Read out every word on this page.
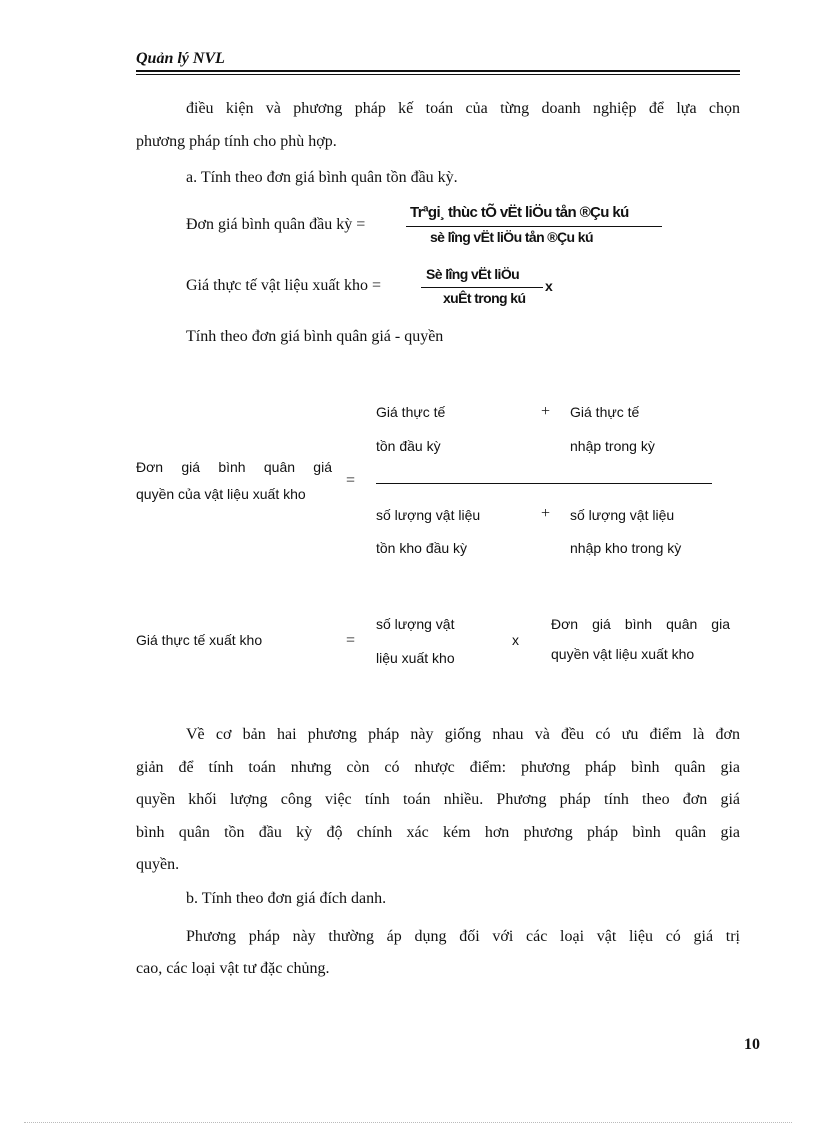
Quản lý NVL
điều kiện và phương pháp kế toán của từng doanh nghiệp để lựa chọn
phương pháp tính cho phù hợp.
a. Tính theo đơn giá bình quân tồn đầu kỳ.
Đơn giá bình quân đầu kỳ =
Trªgi¸ thùc tÕ vËt liÖu tån ®Çu kú
sè lîng vËt liÖu tån ®Çu kú
Giá thực tế vật liệu xuất kho =
Sè lîng vËt liÖu
xuÊt trong kú
x
Tính theo đơn giá bình quân giá - quyền
Đơn giá bình quân giá
quyền của vật liệu xuất kho
=
Giá thực tế
tồn đầu kỳ
+ Giá thực tế
nhập trong kỳ
số lượng vật liệu
tồn kho đầu kỳ
+ số lượng vật liệu
nhập kho trong kỳ
Giá thực tế xuất kho	=
số lượng vật
liệu xuất kho
x
Đơn giá bình quân gia
quyền vật liệu xuất kho
Về cơ bản hai phương pháp này giống nhau và đều có ưu điểm là đơn
giản để tính toán nhưng còn có nhược điểm: phương pháp bình quân gia
quyền khối lượng công việc tính toán nhiều. Phương pháp tính theo đơn giá
bình quân tồn đầu kỳ độ chính xác kém hơn phương pháp bình quân gia
quyền.
b. Tính theo đơn giá đích danh.
Phương pháp này thường áp dụng đối với các loại vật liệu có giá trị
cao, các loại vật tư đặc chủng.
10
